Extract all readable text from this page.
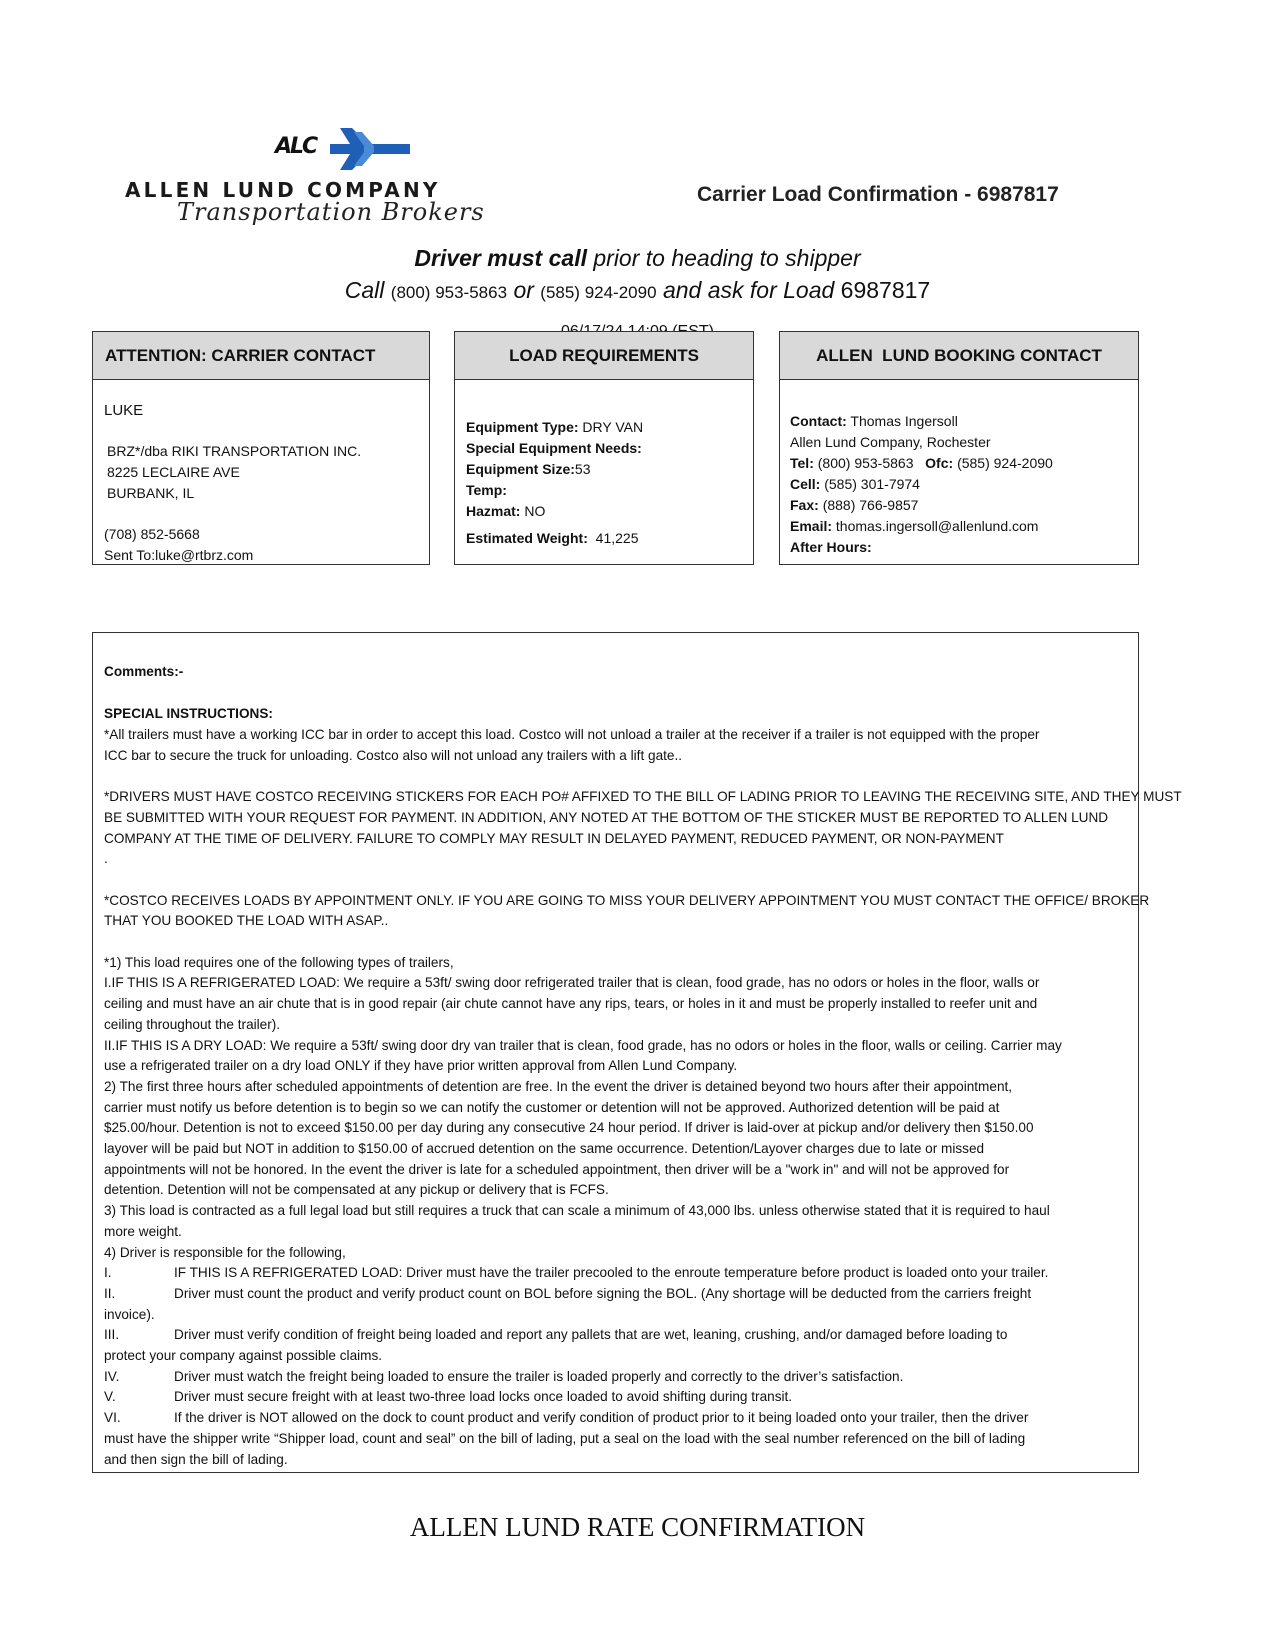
ALC
ALLEN LUND COMPANY
Transportation Brokers
Carrier Load Confirmation - 6987817
Driver must call prior to heading to shipper
Call (800) 953-5863 or (585) 924-2090 and ask for Load 6987817
ATTENTION: CARRIER CONTACT
LUKE
BRZ*/dba RIKI TRANSPORTATION INC.
8225 LECLAIRE AVE
BURBANK, IL
(708) 852-5668
Sent To:luke@rtbrz.com
LOAD REQUIREMENTS
Equipment Type: DRY VAN
Special Equipment Needs:
Equipment Size:53
Temp:
Hazmat: NO
Estimated Weight: 41,225
ALLEN  LUND BOOKING CONTACT
Contact: Thomas Ingersoll
Allen Lund Company, Rochester
Tel: (800) 953-5863 Ofc: (585) 924-2090
Cell: (585) 301-7974
Fax: (888) 766-9857
Email: thomas.ingersoll@allenlund.com
After Hours:
Comments:-
SPECIAL INSTRUCTIONS:
*All trailers must have a working ICC bar in order to accept this load. Costco will not unload a trailer at the receiver if a trailer is not equipped with the proper
ICC bar to secure the truck for unloading. Costco also will not unload any trailers with a lift gate..
*DRIVERS MUST HAVE COSTCO RECEIVING STICKERS FOR EACH PO# AFFIXED TO THE BILL OF LADING PRIOR TO LEAVING THE RECEIVING SITE, AND THEY MUST
BE SUBMITTED WITH YOUR REQUEST FOR PAYMENT. IN ADDITION, ANY NOTED AT THE BOTTOM OF THE STICKER MUST BE REPORTED TO ALLEN LUND
COMPANY AT THE TIME OF DELIVERY. FAILURE TO COMPLY MAY RESULT IN DELAYED PAYMENT, REDUCED PAYMENT, OR NON-PAYMENT
.
*COSTCO RECEIVES LOADS BY APPOINTMENT ONLY. IF YOU ARE GOING TO MISS YOUR DELIVERY APPOINTMENT YOU MUST CONTACT THE OFFICE/ BROKER
THAT YOU BOOKED THE LOAD WITH ASAP..
*1) This load requires one of the following types of trailers,
I.IF THIS IS A REFRIGERATED LOAD: We require a 53ft/ swing door refrigerated trailer that is clean, food grade, has no odors or holes in the floor, walls or
ceiling and must have an air chute that is in good repair (air chute cannot have any rips, tears, or holes in it and must be properly installed to reefer unit and
ceiling throughout the trailer).
II.IF THIS IS A DRY LOAD: We require a 53ft/ swing door dry van trailer that is clean, food grade, has no odors or holes in the floor, walls or ceiling. Carrier may
use a refrigerated trailer on a dry load ONLY if they have prior written approval from Allen Lund Company.
2) The first three hours after scheduled appointments of detention are free. In the event the driver is detained beyond two hours after their appointment,
carrier must notify us before detention is to begin so we can notify the customer or detention will not be approved. Authorized detention will be paid at
$25.00/hour. Detention is not to exceed $150.00 per day during any consecutive 24 hour period. If driver is laid-over at pickup and/or delivery then $150.00
layover will be paid but NOT in addition to $150.00 of accrued detention on the same occurrence. Detention/Layover charges due to late or missed
appointments will not be honored. In the event the driver is late for a scheduled appointment, then driver will be a "work in" and will not be approved for
detention. Detention will not be compensated at any pickup or delivery that is FCFS.
3) This load is contracted as a full legal load but still requires a truck that can scale a minimum of 43,000 lbs. unless otherwise stated that it is required to haul
more weight.
4) Driver is responsible for the following,
I.	IF THIS IS A REFRIGERATED LOAD: Driver must have the trailer precooled to the enroute temperature before product is loaded onto your trailer.
II.	Driver must count the product and verify product count on BOL before signing the BOL. (Any shortage will be deducted from the carriers freight
invoice).
III.	Driver must verify condition of freight being loaded and report any pallets that are wet, leaning, crushing, and/or damaged before loading to
protect your company against possible claims.
IV.	Driver must watch the freight being loaded to ensure the trailer is loaded properly and correctly to the driver’s satisfaction.
V.	Driver must secure freight with at least two-three load locks once loaded to avoid shifting during transit.
VI.	If the driver is NOT allowed on the dock to count product and verify condition of product prior to it being loaded onto your trailer, then the driver
must have the shipper write “Shipper load, count and seal” on the bill of lading, put a seal on the load with the seal number referenced on the bill of lading
and then sign the bill of lading.
ALLEN LUND RATE CONFIRMATION
